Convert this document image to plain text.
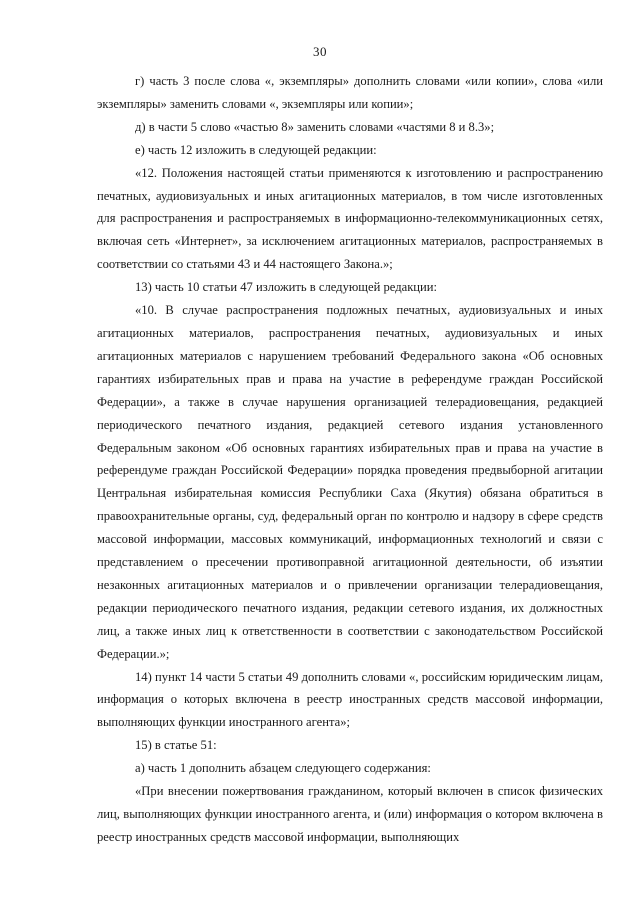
30

г) часть 3 после слова «, экземпляры» дополнить словами «или копии», слова «или экземпляры» заменить словами «, экземпляры или копии»;

д) в части 5 слово «частью 8» заменить словами «частями 8 и 8.3»;

е) часть 12 изложить в следующей редакции:

«12. Положения настоящей статьи применяются к изготовлению и распространению печатных, аудиовизуальных и иных агитационных материалов, в том числе изготовленных для распространения и распространяемых в информационно-телекоммуникационных сетях, включая сеть «Интернет», за исключением агитационных материалов, распространяемых в соответствии со статьями 43 и 44 настоящего Закона.»;

13) часть 10 статьи 47 изложить в следующей редакции:

«10. В случае распространения подложных печатных, аудиовизуальных и иных агитационных материалов, распространения печатных, аудиовизуальных и иных агитационных материалов с нарушением требований Федерального закона «Об основных гарантиях избирательных прав и права на участие в референдуме граждан Российской Федерации», а также в случае нарушения организацией телерадиовещания, редакцией периодического печатного издания, редакцией сетевого издания установленного Федеральным законом «Об основных гарантиях избирательных прав и права на участие в референдуме граждан Российской Федерации» порядка проведения предвыборной агитации Центральная избирательная комиссия Республики Саха (Якутия) обязана обратиться в правоохранительные органы, суд, федеральный орган по контролю и надзору в сфере средств массовой информации, массовых коммуникаций, информационных технологий и связи с представлением о пресечении противоправной агитационной деятельности, об изъятии незаконных агитационных материалов и о привлечении организации телерадиовещания, редакции периодического печатного издания, редакции сетевого издания, их должностных лиц, а также иных лиц к ответственности в соответствии с законодательством Российской Федерации.»;

14) пункт 14 части 5 статьи 49 дополнить словами «, российским юридическим лицам, информация о которых включена в реестр иностранных средств массовой информации, выполняющих функции иностранного агента»;

15) в статье 51:

а) часть 1 дополнить абзацем следующего содержания:

«При внесении пожертвования гражданином, который включен в список физических лиц, выполняющих функции иностранного агента, и (или) информация о котором включена в реестр иностранных средств массовой информации, выполняющих
